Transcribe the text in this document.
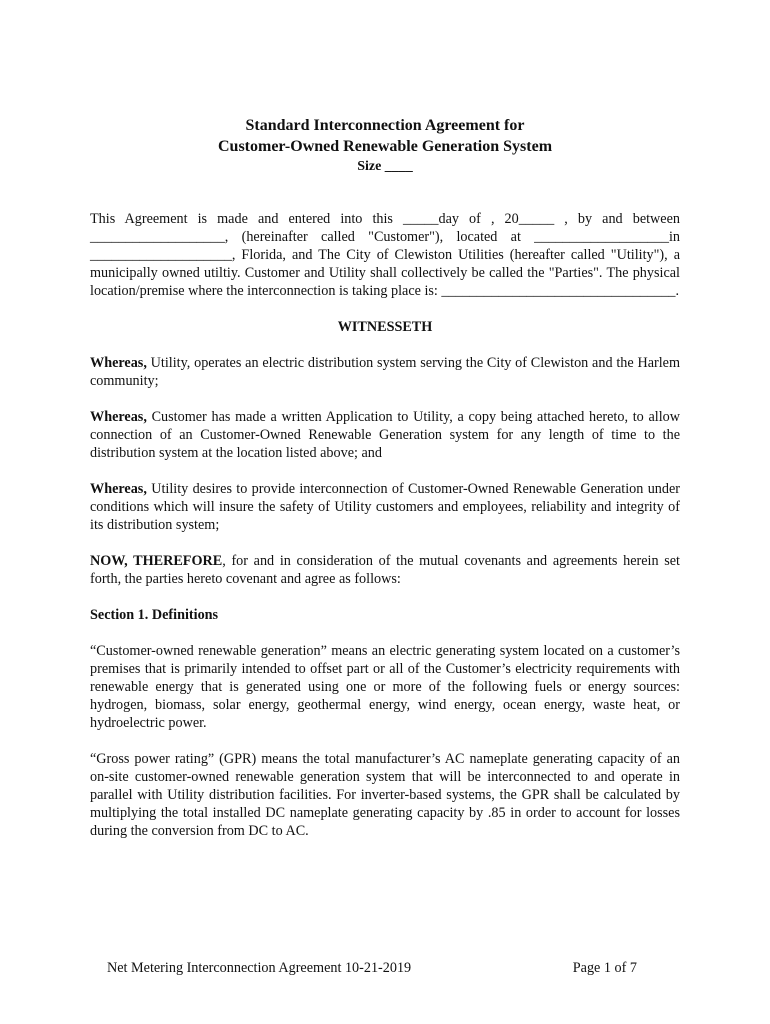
Standard Interconnection Agreement for
Customer-Owned Renewable Generation System
Size ____

This Agreement is made and entered into this _____day of , 20_____ , by and between ___________________, (hereinafter called "Customer"), located at ___________________in ____________________, Florida, and The City of Clewiston Utilities (hereafter called "Utility"), a municipally owned utiltiy. Customer and Utility shall collectively be called the "Parties". The physical location/premise where the interconnection is taking place is: _________________________________.

WITNESSETH

Whereas, Utility, operates an electric distribution system serving the City of Clewiston and the Harlem community;

Whereas, Customer has made a written Application to Utility, a copy being attached hereto, to allow connection of an Customer-Owned Renewable Generation system for any length of time to the distribution system at the location listed above; and

Whereas, Utility desires to provide interconnection of Customer-Owned Renewable Generation under conditions which will insure the safety of Utility customers and employees, reliability and integrity of its distribution system;

NOW, THEREFORE, for and in consideration of the mutual covenants and agreements herein set forth, the parties hereto covenant and agree as follows:

Section 1. Definitions

“Customer-owned renewable generation” means an electric generating system located on a customer’s premises that is primarily intended to offset part or all of the Customer’s electricity requirements with renewable energy that is generated using one or more of the following fuels or energy sources: hydrogen, biomass, solar energy, geothermal energy, wind energy, ocean energy, waste heat, or hydroelectric power.

“Gross power rating” (GPR) means the total manufacturer’s AC nameplate generating capacity of an on-site customer-owned renewable generation system that will be interconnected to and operate in parallel with Utility distribution facilities. For inverter-based systems, the GPR shall be calculated by multiplying the total installed DC nameplate generating capacity by .85 in order to account for losses during the conversion from DC to AC.

Net Metering Interconnection Agreement 10-21-2019	Page 1 of 7
